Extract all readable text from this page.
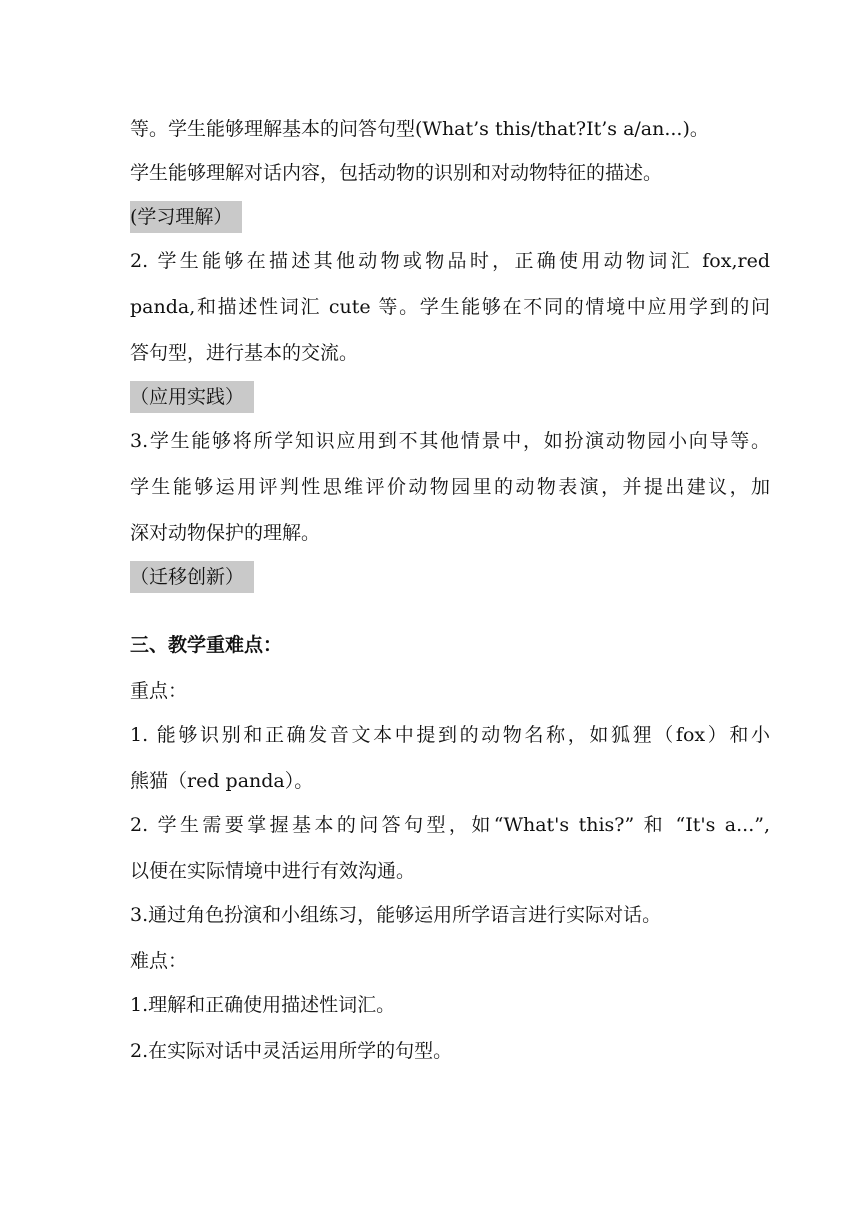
等。学生能够理解基本的问答句型(What’s this/that?It’s a/an...)。
学生能够理解对话内容，包括动物的识别和对动物特征的描述。
(学习理解）
2. 学生能够在描述其他动物或物品时，正确使用动物词汇 fox,red
panda,和描述性词汇 cute 等。学生能够在不同的情境中应用学到的问
答句型，进行基本的交流。
（应用实践）
3.学生能够将所学知识应用到不其他情景中，如扮演动物园小向导等。
学生能够运用评判性思维评价动物园里的动物表演，并提出建议，加
深对动物保护的理解。
（迁移创新）
三、教学重难点：
重点：
1. 能够识别和正确发音文本中提到的动物名称，如狐狸（fox）和小
熊猫（red panda）。
2. 学生需要掌握基本的问答句型，如“What's this?” 和 “It's a...”,
以便在实际情境中进行有效沟通。
3.通过角色扮演和小组练习，能够运用所学语言进行实际对话。
难点：
1.理解和正确使用描述性词汇。
2.在实际对话中灵活运用所学的句型。
